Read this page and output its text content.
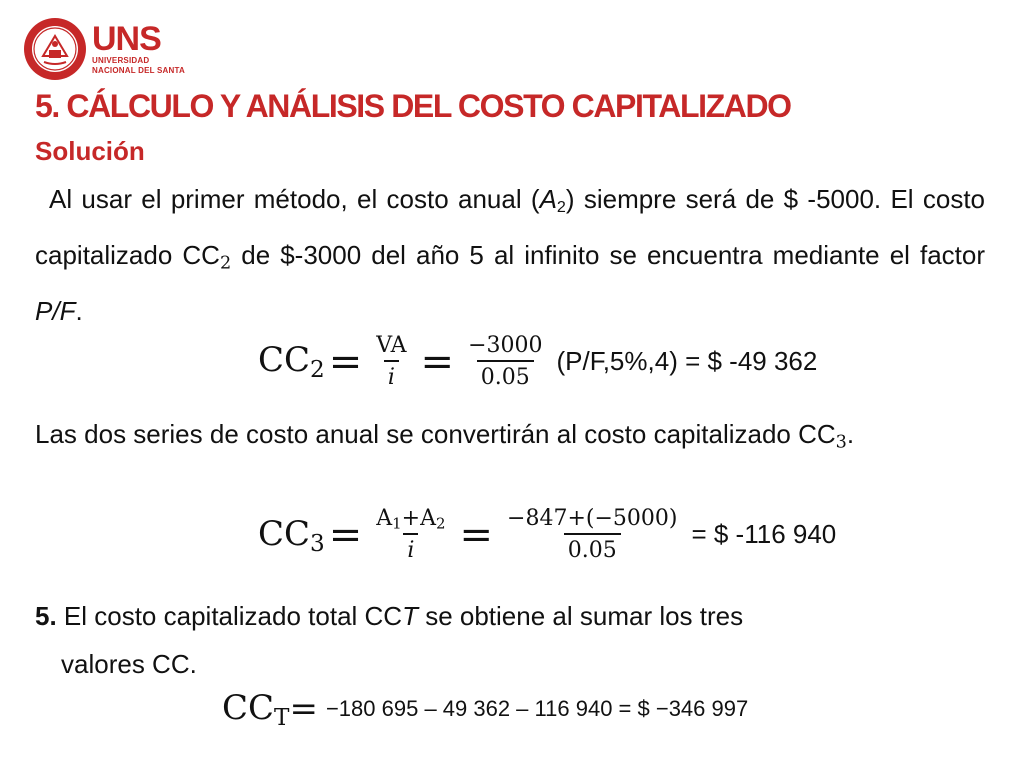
UNS
UNIVERSIDAD
NACIONAL DEL SANTA
5. CÁLCULO Y ANÁLISIS DEL COSTO CAPITALIZADO
Solución
Al usar el primer método, el costo anual $(A_2)$ siempre será de $ -5000. El costo capitalizado CC2 de $-3000 del año 5 al infinito se encuentra mediante el factor P/F.
$CC2 = \frac{VA}{\text{𝑖}} = \frac{-3000}{0.05} (P/F,5\%,4)$ = $ -49 362
Las dos series de costo anual se convertirán al costo capitalizado CC3.
$CC3 = \frac{A1+A2}{\text{𝑖}} = \frac{-847+(-5000)}{0.05}$ = $ -116 940
5. El costo capitalizado total CCT se obtiene al sumar los tres
valores CC.
CCT = −180 695 – 49 362 – 116 940 = $ −346 997
